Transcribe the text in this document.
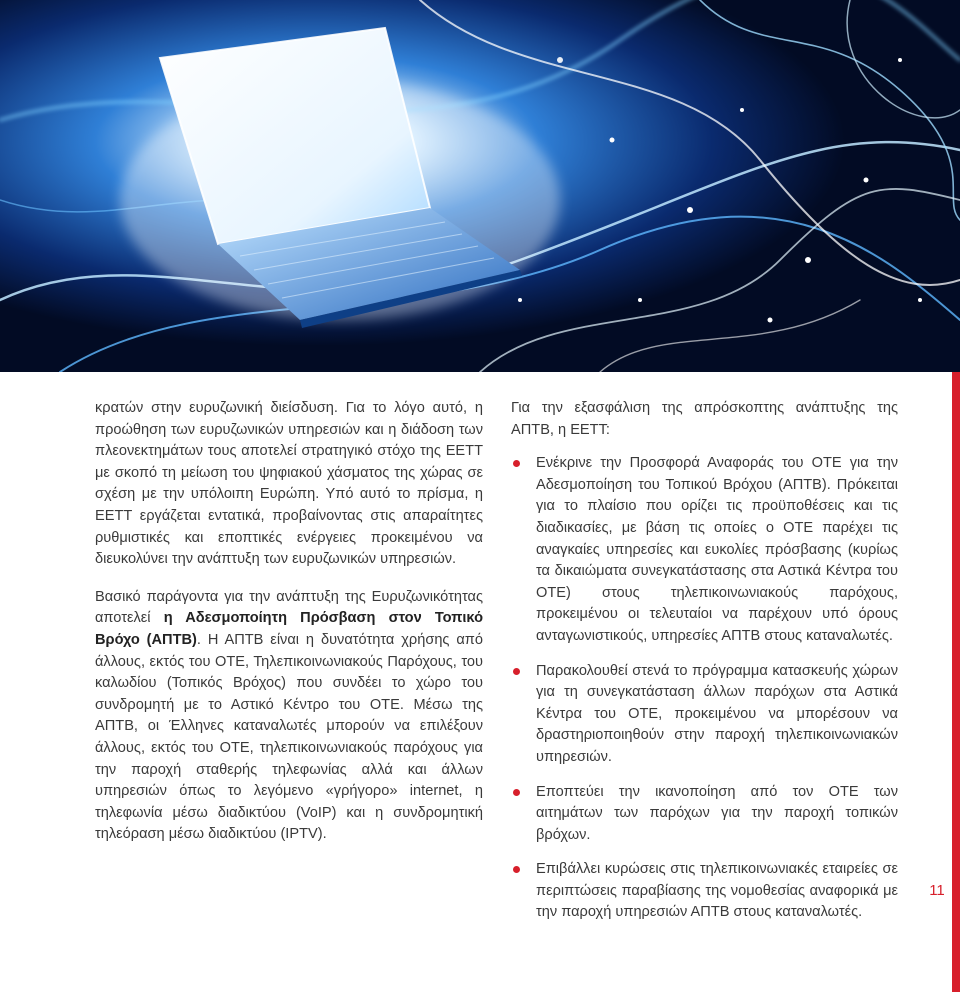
κρατών στην ευρυζωνική διείσδυση. Για το λόγο αυτό, η προώθηση των ευρυζωνικών υπηρεσιών και η διάδοση των πλεονεκτημάτων τους αποτελεί στρατηγικό στόχο της ΕΕΤΤ με σκοπό τη μείωση του ψηφιακού χάσματος της χώρας σε σχέση με την υπόλοιπη Ευρώπη. Υπό αυτό το πρίσμα, η ΕΕΤΤ εργάζεται εντατικά, προβαίνοντας στις απαραίτητες ρυθμιστικές και εποπτικές ενέργειες προκειμένου να διευκολύνει την ανάπτυξη των ευρυζωνικών υπηρεσιών.

Βασικό παράγοντα για την ανάπτυξη της Ευρυζωνικότητας αποτελεί η Αδεσμοποίητη Πρόσβαση στον Τοπικό Βρόχο (ΑΠΤΒ). Η ΑΠΤΒ είναι η δυνατότητα χρήσης από άλλους, εκτός του ΟΤΕ, Τηλεπικοινωνιακούς Παρόχους, του καλωδίου (Τοπικός Βρόχος) που συνδέει το χώρο του συνδρομητή με το Αστικό Κέντρο του ΟΤΕ. Μέσω της ΑΠΤΒ, οι Έλληνες καταναλωτές μπορούν να επιλέξουν άλλους, εκτός του ΟΤΕ, τηλεπικοινωνιακούς παρόχους για την παροχή σταθερής τηλεφωνίας αλλά και άλλων υπηρεσιών όπως το λεγόμενο «γρήγορο» internet, η τηλεφωνία μέσω διαδικτύου (VoIP) και η συνδρομητική τηλεόραση μέσω διαδικτύου (IPTV).

Για την εξασφάλιση της απρόσκοπτης ανάπτυξης της ΑΠΤΒ, η ΕΕΤΤ:

Ενέκρινε την Προσφορά Αναφοράς του ΟΤΕ για την Αδεσμοποίηση του Τοπικού Βρόχου (ΑΠΤΒ). Πρόκειται για το πλαίσιο που ορίζει τις προϋποθέσεις και τις διαδικασίες, με βάση τις οποίες ο ΟΤΕ παρέχει τις αναγκαίες υπηρεσίες και ευκολίες πρόσβασης (κυρίως τα δικαιώματα συνεγκατάστασης στα Αστικά Κέντρα του ΟΤΕ) στους τηλεπικοινωνιακούς παρόχους, προκειμένου οι τελευταίοι να παρέχουν υπό όρους ανταγωνιστικούς, υπηρεσίες ΑΠΤΒ στους καταναλωτές.
Παρακολουθεί στενά το πρόγραμμα κατασκευής χώρων για τη συνεγκατάσταση άλλων παρόχων στα Αστικά Κέντρα του ΟΤΕ, προκειμένου να μπορέσουν να δραστηριοποιηθούν στην παροχή τηλεπικοινωνιακών υπηρεσιών.
Εποπτεύει την ικανοποίηση από τον ΟΤΕ των αιτημάτων των παρόχων για την παροχή τοπικών βρόχων.
Επιβάλλει κυρώσεις στις τηλεπικοινωνιακές εταιρείες σε περιπτώσεις παραβίασης της νομοθεσίας αναφορικά με την παροχή υπηρεσιών ΑΠΤΒ στους καταναλωτές.
11
